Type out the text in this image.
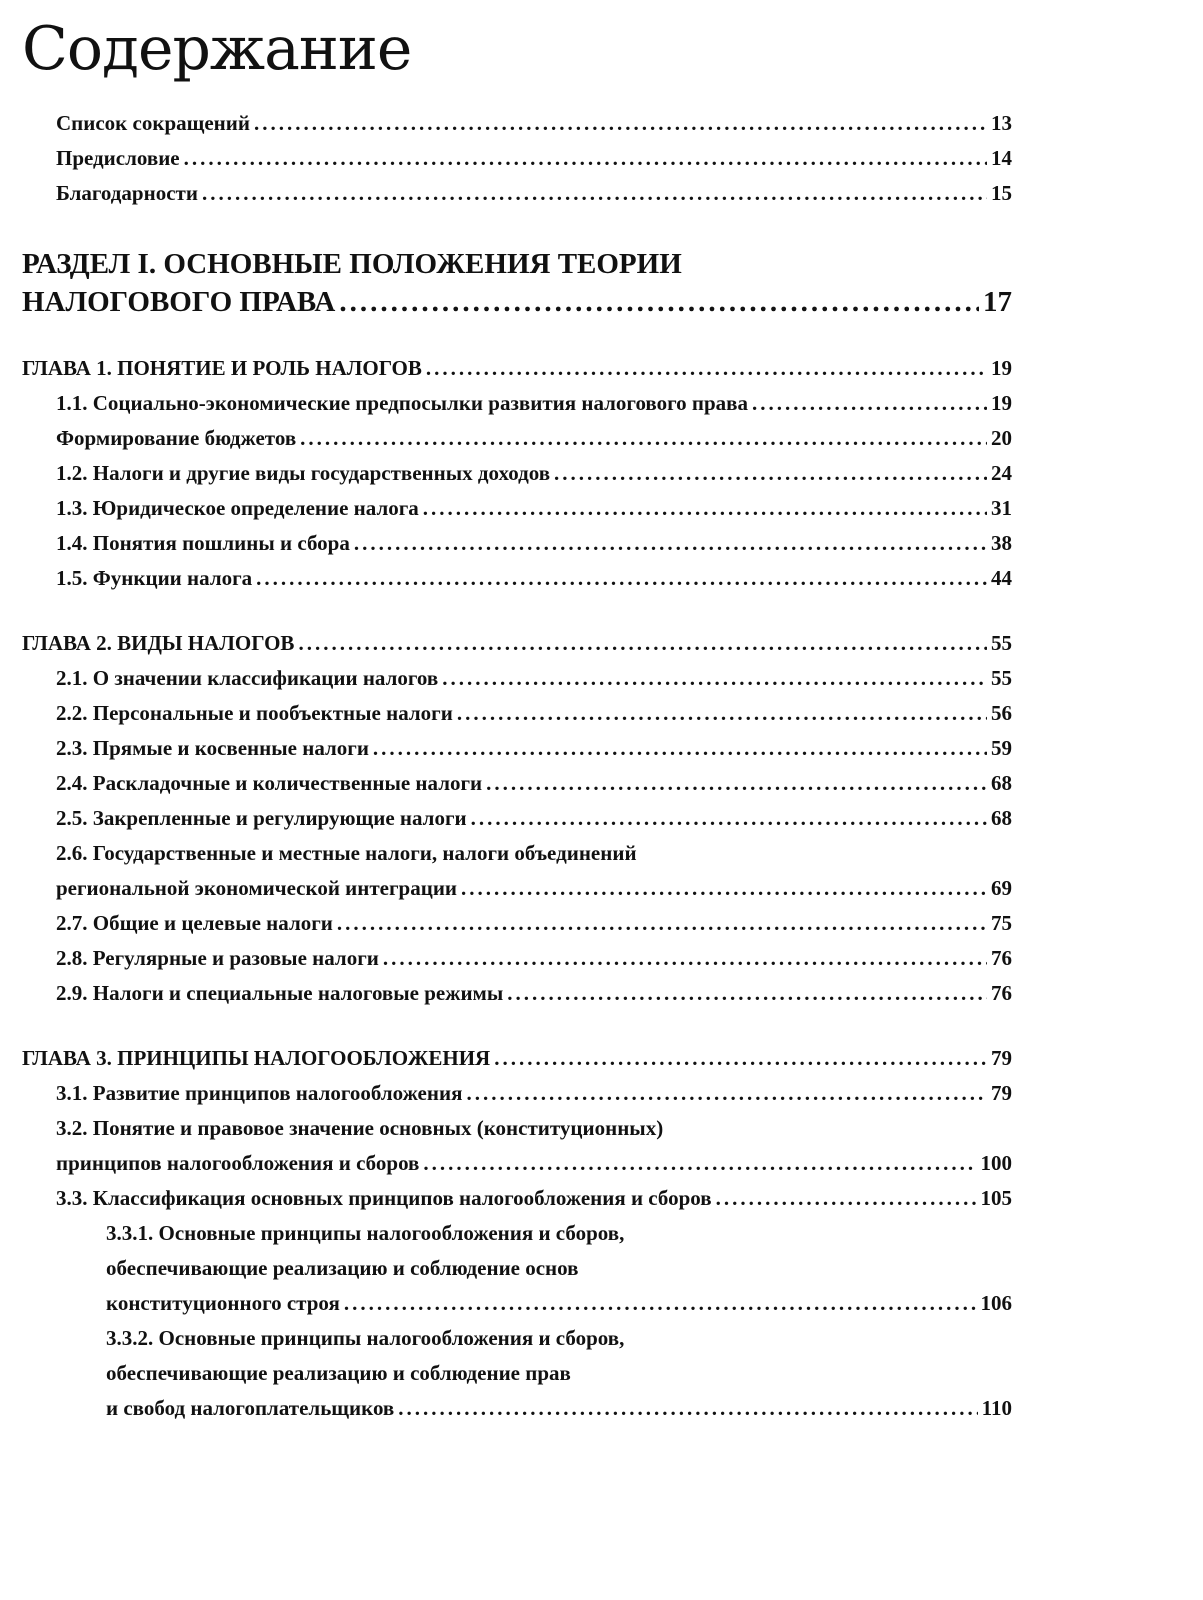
Содержание
Список сокращений .....	13
Предисловие .....	14
Благодарности .....	15
РАЗДЕЛ I. ОСНОВНЫЕ ПОЛОЖЕНИЯ ТЕОРИИ
НАЛОГОВОГО ПРАВА .....	17
ГЛАВА 1. ПОНЯТИЕ И РОЛЬ НАЛОГОВ .....	19
1.1. Социально-экономические предпосылки развития налогового права .....	19
Формирование бюджетов .....	20
1.2. Налоги и другие виды государственных доходов .....	24
1.3. Юридическое определение налога .....	31
1.4. Понятия пошлины и сбора .....	38
1.5. Функции налога .....	44
ГЛАВА 2. ВИДЫ НАЛОГОВ .....	55
2.1. О значении классификации налогов .....	55
2.2. Персональные и пообъектные налоги .....	56
2.3. Прямые и косвенные налоги .....	59
2.4. Раскладочные и количественные налоги .....	68
2.5. Закрепленные и регулирующие налоги .....	68
2.6. Государственные и местные налоги, налоги объединений
региональной экономической интеграции .....	69
2.7. Общие и целевые налоги .....	75
2.8. Регулярные и разовые налоги .....	76
2.9. Налоги и специальные налоговые режимы .....	76
ГЛАВА 3. ПРИНЦИПЫ НАЛОГООБЛОЖЕНИЯ .....	79
3.1. Развитие принципов налогообложения .....	79
3.2. Понятие и правовое значение основных (конституционных)
принципов налогообложения и сборов .....	100
3.3. Классификация основных принципов налогообложения и сборов .....	105
3.3.1. Основные принципы налогообложения и сборов,
обеспечивающие реализацию и соблюдение основ
конституционного строя .....	106
3.3.2. Основные принципы налогообложения и сборов,
обеспечивающие реализацию и соблюдение прав
и свобод налогоплательщиков .....	110
